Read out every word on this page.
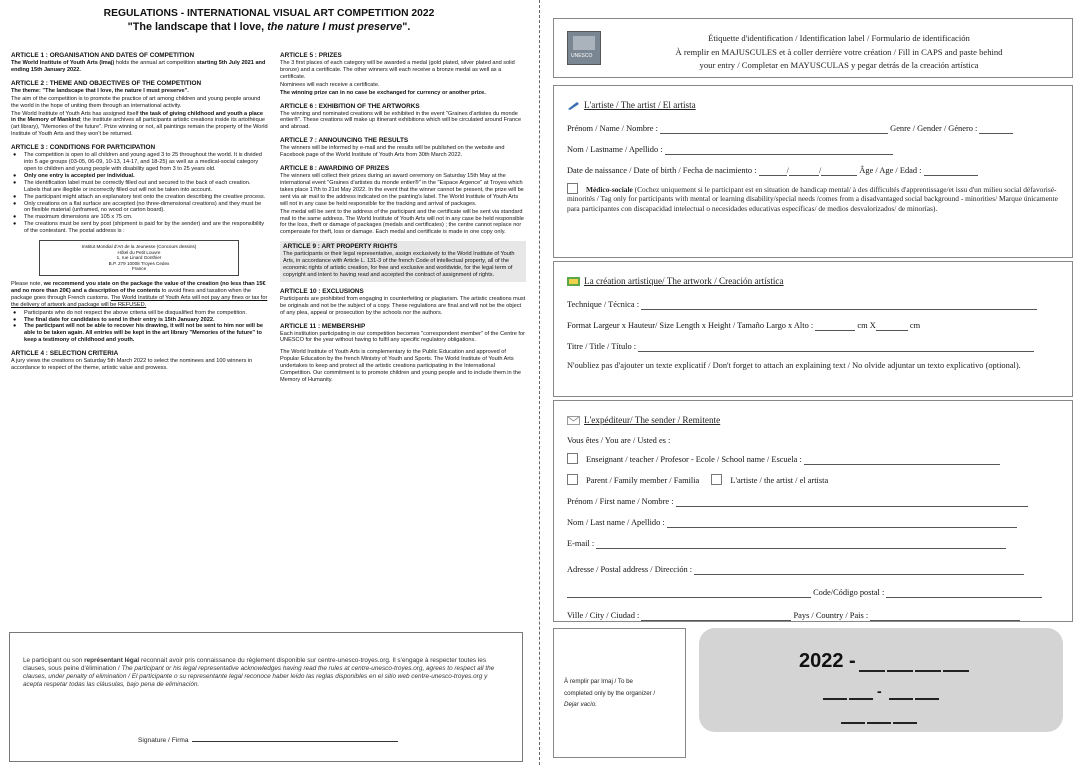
REGULATIONS - INTERNATIONAL VISUAL ART COMPETITION 2022
"The landscape that I love, the nature I must preserve".
ARTICLE 1 : ORGANISATION AND DATES OF COMPETITION

The World Institute of Youth Arts (Imaj) holds the annual art competition starting 5th July 2021 and ending 15th January 2022.

ARTICLE 2 : THEME AND OBJECTIVES OF THE COMPETITION

The theme: "The landscape that I love, the nature I must preserve".

The aim of the competition is to promote the practice of art among children and young people around the world in the hope of uniting them through an international activity.

The World Institute of Youth Arts has assigned itself the task of giving childhood and youth a place in the Memory of Mankind; the institute archives all participants artistic creations inside its artothèque (art library), "Memories of the future". Prize winning or not, all paintings remain the property of the World Institute of Youth Arts and they won't be returned.

ARTICLE 3 : CONDITIONS FOR PARTICIPATION
● The competition is open to all children and young aged 3 to 25 throughout the world. It is divided into 5 age groups (03-05, 06-09, 10-13, 14-17, and 18-25) as well as a medical-social category open to children and young people with disability aged from 3 to 25 years old.
● Only one entry is accepted per individual.
● The identification label must be correctly filled out and secured to the back of each creation. Labels that are illegible or incorrectly filled out will not be taken into account.
● The participant might attach an explanatory text onto the creation describing the creative process.
● Only creations on a flat surface are accepted (no three-dimensional creations) and they must be on flexible material (unframed, no wood or carton board).
● The maximum dimensions are 105 x 75 cm.
● The creations must be sent by post (shipment is paid for by the sender) and are the responsibility of the contestant. The postal address is :
Institut Mondial d'Art de la Jeunesse (Concours dessins)
Hôtel du Petit Louvre
1, rue Linard Gonthier
B.P. 279 10008 Troyes Cedex
France

Please note, we recommend you state on the package the value of the creation (no less than 15€ and no more than 20€) and a description of the contents to avoid fines and taxation when the package goes through French customs. The World Institute of Youth Arts will not pay any fines or tax for the delivery of artwork and package will be REFUSED.

● Participants who do not respect the above criteria will be disqualified from the competition.
● The final date for candidates to send in their entry is 15th January 2022.
● The participant will not be able to recover his drawing, it will not be sent to him nor will be able to be taken again. All entries will be kept in the art library "Memories of the future" to keep a testimony of childhood and youth.
ARTICLE 4 : SELECTION CRITERIA

A jury views the creations on Saturday 5th March 2022 to select the nominees and 100 winners in accordance to respect of the theme, artistic value and prowess.

ARTICLE 5 : PRIZES

The 3 first places of each category will be awarded a medal (gold plated, silver plated and solid bronze) and a certificate. The other winners will each receive a bronze medal as well as a certificate.

Nominees will each receive a certificate.

The winning prize can in no case be exchanged for currency or another prize.

ARTICLE 6 : EXHIBITION OF THE ARTWORKS

The winning and nominated creations will be exhibited in the event "Graines d'artistes du monde entier®". These creations will make up itinerant exhibitions which will be circulated around France and abroad.

ARTICLE 7 : ANNOUNCING THE RESULTS

The winners will be informed by e-mail and the results will be published on the website and Facebook page of the World Institute of Youth Arts from 30th March 2022.

ARTICLE 8 : AWARDING OF PRIZES

The winners will collect their prizes during an award ceremony on Saturday 15th May at the international event "Graines d'artistes du monde entier®" in the "Espace Argence" at Troyes which takes place 17th to 21st May 2022. In the event that the winner cannot be present, the prize will be sent via air mail to the address indicated on the painting's label. The World Institute of Youth Arts will not in any case be held responsible for the tracking and arrival of packages.

The medal will be sent to the address of the participant and the certificate will be sent via standard mail to the same address. The World Institute of Youth Arts will not in any case be held responsible for the loss, theft or damage of packages (medals and certificates) ; the centre cannot replace nor compensate for theft, loss or damage. Each medal and certificate is made in one copy only.

ARTICLE 9 : ART PROPERTY RIGHTS

The participants or their legal representative, assign exclusively to the World Institute of Youth Arts, in accordance with Article L. 131-3 of the french Code of intellectual property, all of the economic rights of artistic creation, for free and exclusive and worldwide, for the legal term of copyright and intent to having read and accepted the contract of assignment of rights.

ARTICLE 10 : EXCLUSIONS

Participants are prohibited from engaging in counterfeiting or plagiarism. The artistic creations must be originals and not be the subject of a copy. These regulations are final and will not be the object of any plea, appeal or prosecution by the schools nor the authors.

ARTICLE 11 : MEMBERSHIP

Each institution participating in our competition becomes "correspondent member" of the Centre for UNESCO for the year without having to fulfil any specific regulatory obligations.

The World Institute of Youth Arts is complementary to the Public Education and approved of Popular Education by the french Ministry of Youth and Sports. The World Institute of Youth Arts undertakes to keep and protect all the artistic creations participating in the International Competition. Our commitment is to promote children and young people and to include them in the Memory of Humanity.

Le participant ou son représentant légal reconnait avoir pris connaissance du règlement disponible sur centre-unesco-troyes.org. Il s'engage à respecter toutes les clauses, sous peine d'élimination / The participant or his legal representative acknowledges having read the rules at centre-unesco-troyes.org, agrees to respect all the clauses, under penalty of elimination / El participante o su representante legal reconoce haber leído las reglas disponibles en el sitio web centre-unesco-troyes.org y acepta respetar todas las cláusulas, bajo pena de eliminación.

Signature / Firma
UNESCO
Étiquette d'identification / Identification label / Formulario de identificación
À remplir en MAJUSCULES et à coller derrière votre création / Fill in CAPS and paste behind
your entry / Completar en MAYUSCULAS y pegar detrás de la creación artística
L'artiste / The artist / El artista
Prénom / Name / Nombre :	Genre / Gender / Género :
Nom / Lastname / Apellido :
Date de naissance / Date of birth / Fecha de nacimiento :	/	/	Âge / Age / Edad :
Médico-sociale (Cochez uniquement si le participant est en situation de handicap mental/ à des difficultés d'apprentissage/et issu d'un milieu social défavorisé-minorités / Tag only for participants with mental or learning disability/special needs /comes from a disadvantaged social background - minorities/ Marque únicamente para participantes con discapacidad intelectual o necesidades educativas específicas/ de medios desvalorizados/ de minorías).
La création artistique/ The artwork / Creación artística
Technique / Técnica :
Format Largeur x Hauteur/ Size Length x Height / Tamaño Largo x Alto :	cm X	cm
Titre / Title / Título :
N'oubliez pas d'ajouter un texte explicatif / Don't forget to attach an explaining text / No olvide adjuntar un texto explicativo (optional).
L'expéditeur/ The sender / Remitente
Vous êtes / You are / Usted es :
Enseignant / teacher / Profesor - Ecole / School name / Escuela :
Parent / Family member / Familia	L'artiste / the artist / el artista
Prénom / First name / Nombre :
Nom / Last name / Apellido :
E-mail :
Adresse / Postal address / Dirección :
Code/Código postal :
Ville / City / Ciudad :	Pays / Country / Pais :
À remplir par Imaj / To be
completed only by the organizer /
Dejar vacío.
2022 -
-
